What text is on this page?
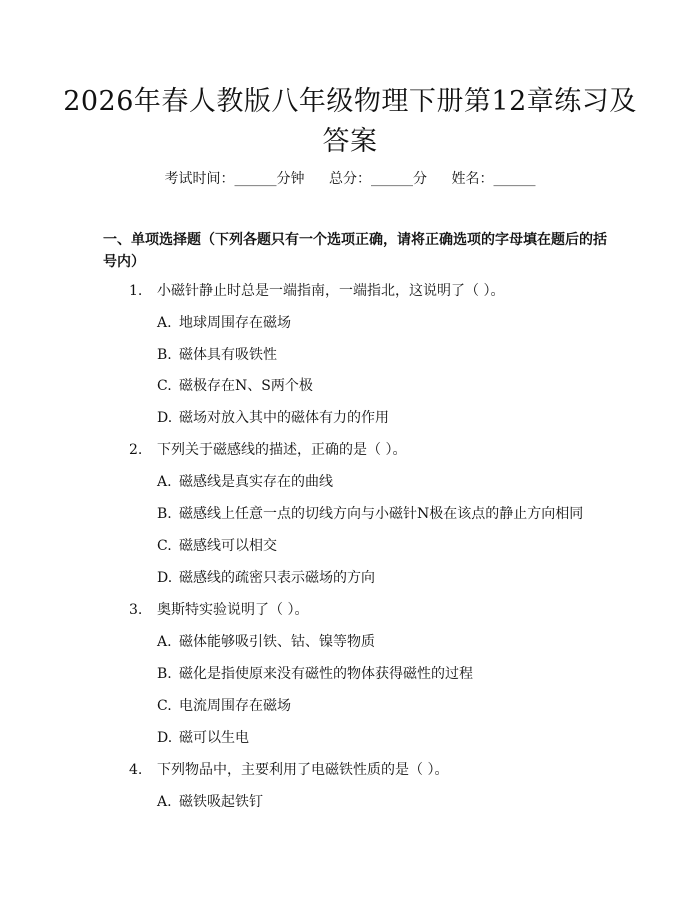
2026年春人教版八年级物理下册第12章练习及答案
考试时间：______分钟 总分：______分 姓名：______
一、单项选择题（下列各题只有一个选项正确，请将正确选项的字母填在题后的括号内）
1. 小磁针静止时总是一端指南，一端指北，这说明了（ ）。
A. 地球周围存在磁场
B. 磁体具有吸铁性
C. 磁极存在N、S两个极
D. 磁场对放入其中的磁体有力的作用
2. 下列关于磁感线的描述，正确的是（ ）。
A. 磁感线是真实存在的曲线
B. 磁感线上任意一点的切线方向与小磁针N极在该点的静止方向相同
C. 磁感线可以相交
D. 磁感线的疏密只表示磁场的方向
3. 奥斯特实验说明了（ ）。
A. 磁体能够吸引铁、钴、镍等物质
B. 磁化是指使原来没有磁性的物体获得磁性的过程
C. 电流周围存在磁场
D. 磁可以生电
4. 下列物品中，主要利用了电磁铁性质的是（ ）。
A. 磁铁吸起铁钉
